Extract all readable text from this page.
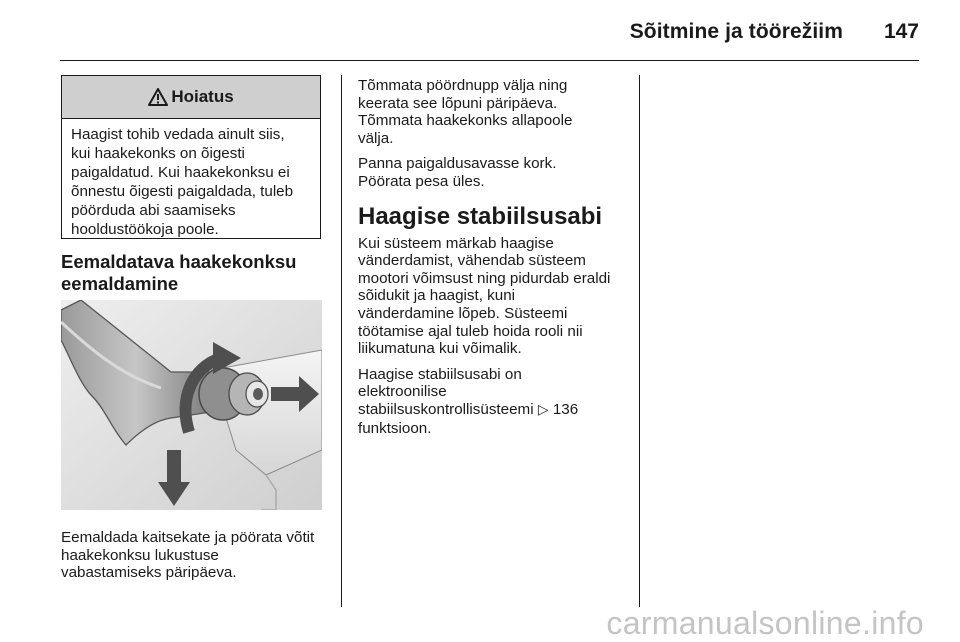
Sõitmine ja töörežiim 147
Hoiatus
Haagist tohib vedada ainult siis,
kui haakekonks on õigesti
paigaldatud. Kui haakekonksu ei
õnnestu õigesti paigaldada, tuleb
pöörduda abi saamiseks
hooldustöökoja poole.
Eemaldatava haakekonksu
eemaldamine
Eemaldada kaitsekate ja pöörata võtit
haakekonksu lukustuse
vabastamiseks päripäeva.

Tõmmata pöördnupp välja ning
keerata see lõpuni päripäeva.
Tõmmata haakekonks allapoole
välja.

Panna paigaldusavasse kork.
Pöörata pesa üles.

Haagise stabiilsusabi

Kui süsteem märkab haagise
vänderdamist, vähendab süsteem
mootori võimsust ning pidurdab eraldi
sõidukit ja haagist, kuni
vänderdamine lõpeb. Süsteemi
töötamise ajal tuleb hoida rooli nii
liikumatuna kui võimalik.

Haagise stabiilsusabi on
elektroonilise
stabiilsuskontrollisüsteemi ▷ 136
funktsioon.

carmanualsonline.info
